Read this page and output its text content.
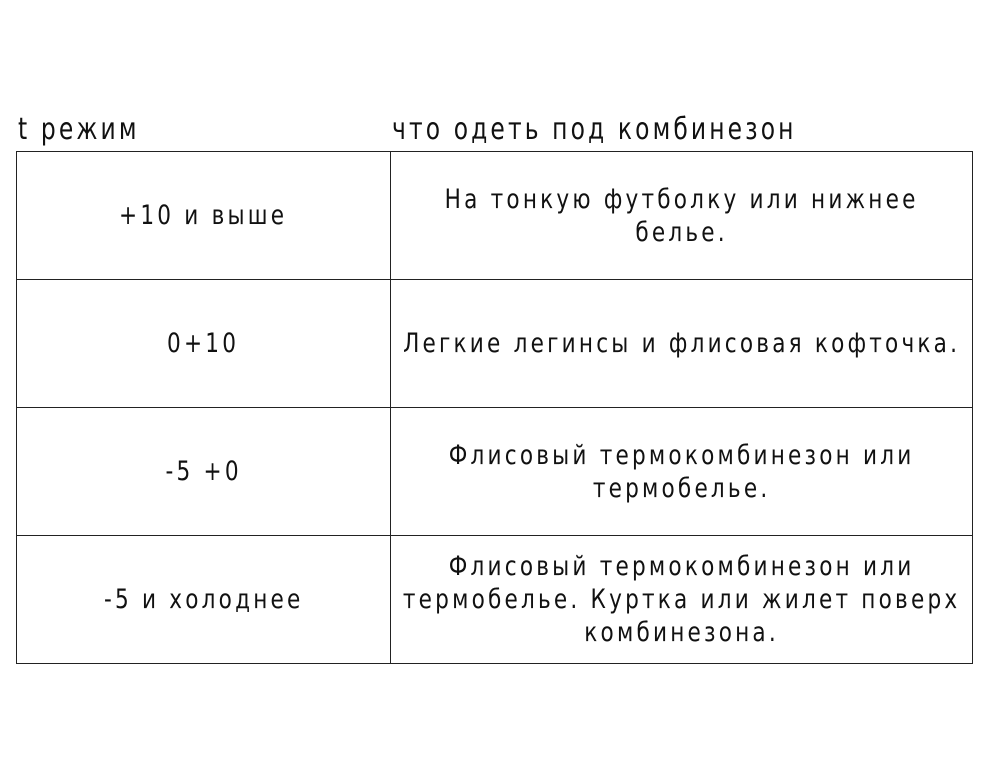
t режим	что одеть под комбинезон
+10 и выше	На тонкую футболку или нижнее белье.
0+10	Легкие легинсы и флисовая кофточка.
-5 +0	Флисовый термокомбинезон или термобелье.
-5 и холоднее	Флисовый термокомбинезон или термобелье. Куртка или жилет поверх комбинезона.
